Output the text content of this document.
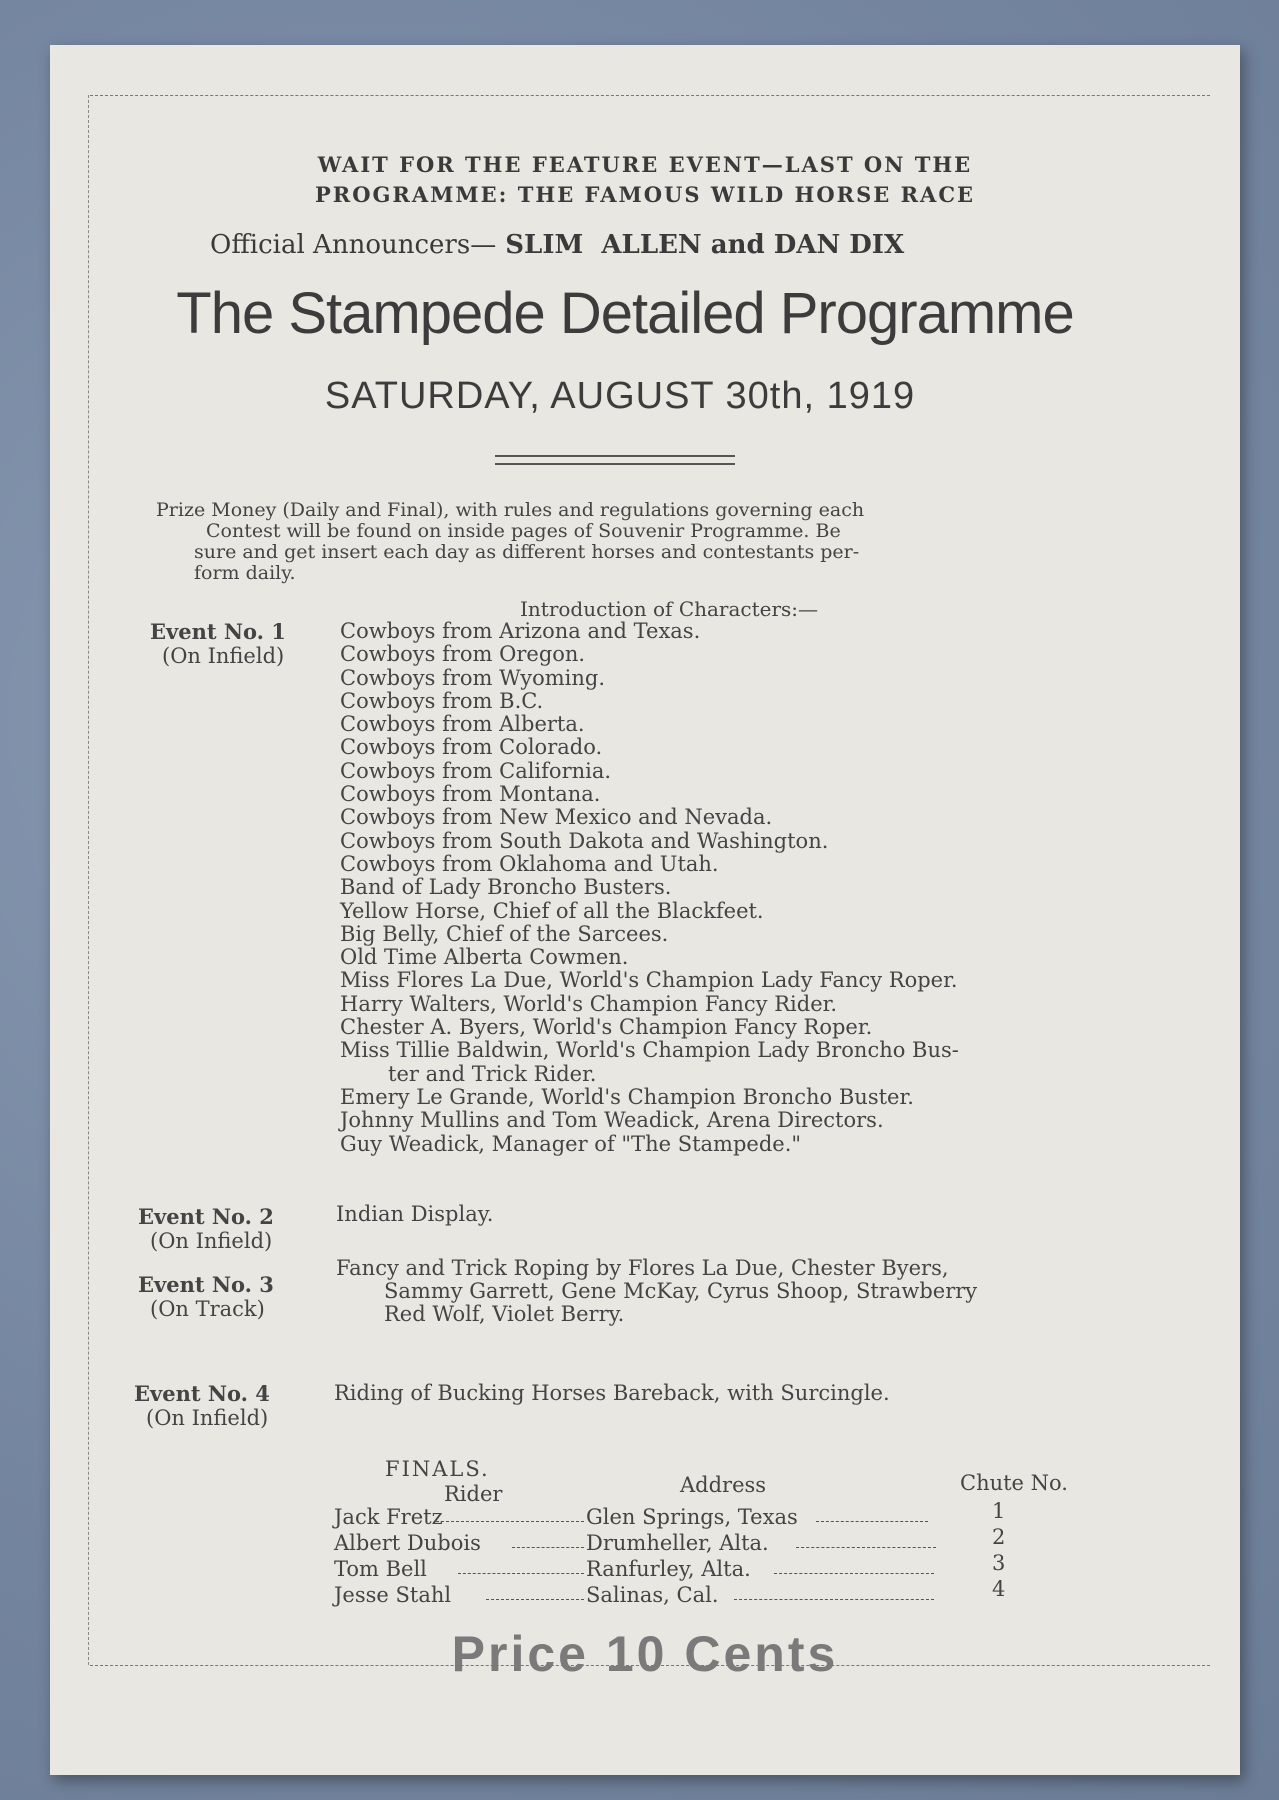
WAIT FOR THE FEATURE EVENT—LAST ON THE
PROGRAMME: THE FAMOUS WILD HORSE RACE
Official Announcers— SLIM  ALLEN and DAN DIX
The Stampede Detailed Programme
SATURDAY, AUGUST 30th, 1919
Prize Money (Daily and Final), with rules and regulations governing each
Contest will be found on inside pages of Souvenir Programme. Be
sure and get insert each day as different horses and contestants per-
form daily.
Introduction of Characters:—
Event No. 1
(On Infield)
Cowboys from Arizona and Texas.
Cowboys from Oregon.
Cowboys from Wyoming.
Cowboys from B.C.
Cowboys from Alberta.
Cowboys from Colorado.
Cowboys from California.
Cowboys from Montana.
Cowboys from New Mexico and Nevada.
Cowboys from South Dakota and Washington.
Cowboys from Oklahoma and Utah.
Band of Lady Broncho Busters.
Yellow Horse, Chief of all the Blackfeet.
Big Belly, Chief of the Sarcees.
Old Time Alberta Cowmen.
Miss Flores La Due, World's Champion Lady Fancy Roper.
Harry Walters, World's Champion Fancy Rider.
Chester A. Byers, World's Champion Fancy Roper.
Miss Tillie Baldwin, World's Champion Lady Broncho Bus-
ter and Trick Rider.
Emery Le Grande, World's Champion Broncho Buster.
Johnny Mullins and Tom Weadick, Arena Directors.
Guy Weadick, Manager of "The Stampede."
Event No. 2
(On Infield)
Indian Display.
Event No. 3
(On Track)
Fancy and Trick Roping by Flores La Due, Chester Byers,
Sammy Garrett, Gene McKay, Cyrus Shoop, Strawberry
Red Wolf, Violet Berry.
Event No. 4
(On Infield)
Riding of Bucking Horses Bareback, with Surcingle.
FINALS.
Rider	Address	Chute No.
Jack Fretz	Glen Springs, Texas	1
Albert Dubois	Drumheller, Alta.	2
Tom Bell	Ranfurley, Alta.	3
Jesse Stahl	Salinas, Cal.	4
Price 10 Cents
